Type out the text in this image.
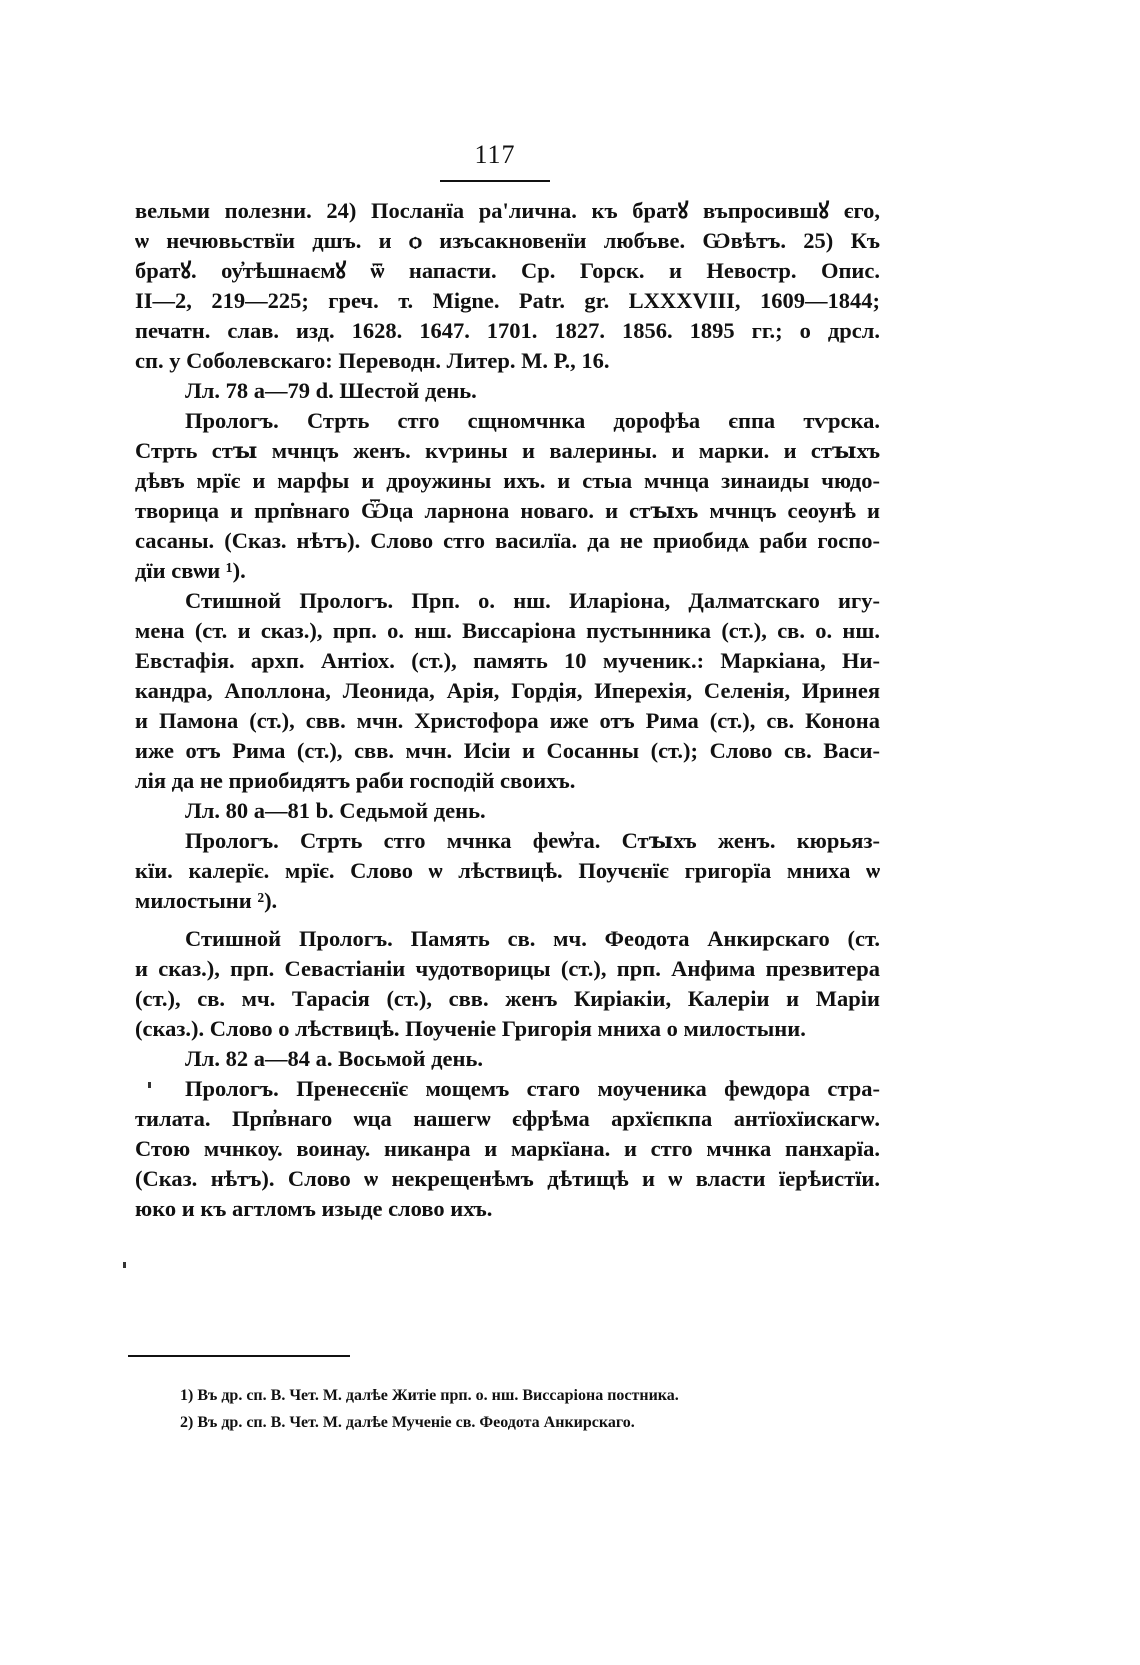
117
вельми полезни. 24) Посланїа ра'лична. къ братꙋ въпросившꙋ єго,
ѡ нечювьствїи дшъ. и ѻ изъсакновенїи любъве. Ѡвѣтъ. 25) Къ
братꙋ. оу҆тѣшнаємꙋ ѿ напасти. Ср. Горск. и Невостр. Опис.
II—2, 219—225; греч. т. Migne. Patr. gr. LXXXVIII, 1609—1844;
печатн. слав. изд. 1628. 1647. 1701. 1827. 1856. 1895 гг.; о дрсл.
сп. у Соболевскаго: Переводн. Литер. М. Р., 16.
Лл. 78 a—79 d. Шестой день.
Прологъ. Стрть стго сщномчнка дорофѣа єппа тѵрска.
Стрть стꙑ мчнцъ женъ. кѵрины и валерины. и марки. и стꙑхъ
дѣвъ мрїє и марфы и дроужины ихъ. и стыа мчнца зинаиды чюдо-
творица и прп̇внаго Ѿца ларнона новаго. и стꙑхъ мчнцъ сеоунѣ и
сасаны. (Сказ. нѣтъ). Слово стго василїа. да не приобидѧ раби госпо-
дїи свѡи ¹).
Стишной Прологъ. Прп. о. нш. Иларіона, Далматскаго игу-
мена (ст. и сказ.), прп. о. нш. Виссаріона пустынника (ст.), св. о. нш.
Евстафія. архп. Антіох. (ст.), память 10 мученик.: Маркіана, Ни-
кандра, Аполлона, Леонида, Арія, Гордія, Иперехія, Селенія, Иринея
и Памона (ст.), свв. мчн. Христофора иже отъ Рима (ст.), св. Конона
иже отъ Рима (ст.), свв. мчн. Исіи и Сосанны (ст.); Слово св. Васи-
лія да не приобидятъ раби господій своихъ.
Лл. 80 a—81 b. Седьмой день.
Прологъ. Стрть стго мчнка феѡ҆та. Стꙑхъ женъ. кюрьяз-
кїи. калерїє. мрїє. Слово ѡ лѣствицѣ. Поучєнїє григорїа мниха ѡ
милостыни ²).
Стишной Прологъ. Память св. мч. Феодота Анкирскаго (ст.
и сказ.), прп. Севастіаніи чудотворицы (ст.), прп. Анфима презвитера
(ст.), св. мч. Тарасія (ст.), свв. женъ Киріакіи, Калеріи и Маріи
(сказ.). Слово о лѣствицѣ. Поученіе Григорія мниха о милостыни.
Лл. 82 a—84 a. Восьмой день.
Прологъ. Пренесєнїє мощемъ стаго моученика феѡдора стра-
тилата. Прп҆внаго ѡца нашегѡ єфрѣма архїєпкпа антїохїискагѡ.
Стою мчнкоу. воинау. никанра и маркїана. и стго мчнка панхарїа.
(Сказ. нѣтъ). Слово ѡ некрещенѣмъ дѣтищѣ и ѡ власти їерѣистїи.
юко и къ агтломъ изыде слово ихъ.
1) Въ др. сп. В. Чет. М. далѣе Житіе прп. о. нш. Виссаріона постника.
2) Въ др. сп. В. Чет. М. далѣе Мученіе св. Феодота Анкирскаго.
